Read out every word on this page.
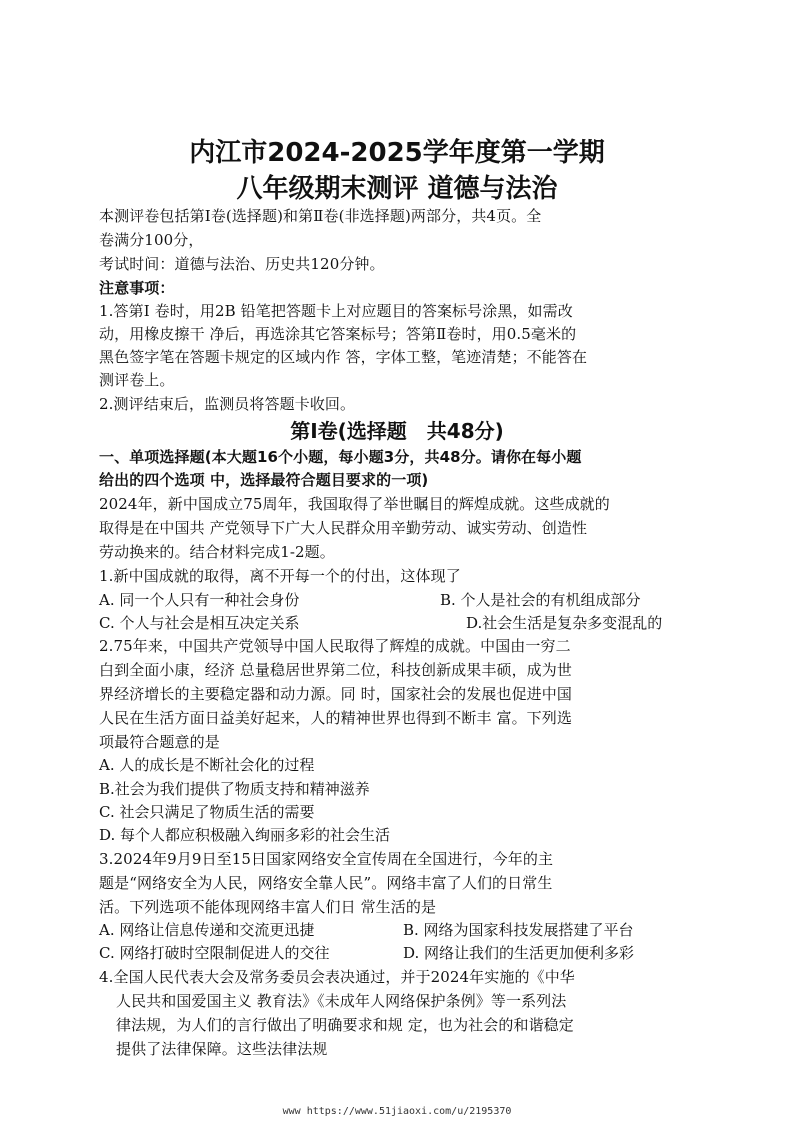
内江市2024-2025学年度第一学期
八年级期末测评 道德与法治
本测评卷包括第Ⅰ卷(选择题)和第Ⅱ卷(非选择题)两部分，共4页。全
卷满分100分，
考试时间：道德与法治、历史共120分钟。
注意事项：
1.答第Ⅰ 卷时，用2B 铅笔把答题卡上对应题目的答案标号涂黑，如需改
动，用橡皮擦干 净后，再选涂其它答案标号；答第Ⅱ卷时，用0.5毫米的
黑色签字笔在答题卡规定的区域内作 答，字体工整，笔迹清楚；不能答在
测评卷上。
2.测评结束后，监测员将答题卡收回。
第Ⅰ卷(选择题　共48分)
一、单项选择题(本大题16个小题，每小题3分，共48分。请你在每小题
给出的四个选项 中，选择最符合题目要求的一项)
2024年，新中国成立75周年，我国取得了举世瞩目的辉煌成就。这些成就的
取得是在中国共 产党领导下广大人民群众用辛勤劳动、诚实劳动、创造性
劳动换来的。结合材料完成1-2题。
1.新中国成就的取得，离不开每一个的付出，这体现了
A. 同一个人只有一种社会身份	B. 个人是社会的有机组成部分
C. 个人与社会是相互决定关系	D.社会生活是复杂多变混乱的
2.75年来，中国共产党领导中国人民取得了辉煌的成就。中国由一穷二
白到全面小康，经济 总量稳居世界第二位，科技创新成果丰硕，成为世
界经济增长的主要稳定器和动力源。同 时，国家社会的发展也促进中国
人民在生活方面日益美好起来，人的精神世界也得到不断丰 富。下列选
项最符合题意的是
A. 人的成长是不断社会化的过程
B.社会为我们提供了物质支持和精神滋养
C. 社会只满足了物质生活的需要
D. 每个人都应积极融入绚丽多彩的社会生活
3.2024年9月9日至15日国家网络安全宣传周在全国进行，今年的主
题是“网络安全为人民，网络安全靠人民”。网络丰富了人们的日常生
活。下列选项不能体现网络丰富人们日 常生活的是
A. 网络让信息传递和交流更迅捷	B. 网络为国家科技发展搭建了平台
C. 网络打破时空限制促进人的交往	D. 网络让我们的生活更加便利多彩
4.全国人民代表大会及常务委员会表决通过，并于2024年实施的《中华
人民共和国爱国主义 教育法》《未成年人网络保护条例》等一系列法
律法规，为人们的言行做出了明确要求和规 定，也为社会的和谐稳定
提供了法律保障。这些法律法规
www https://www.51jiaoxi.com/u/2195370
